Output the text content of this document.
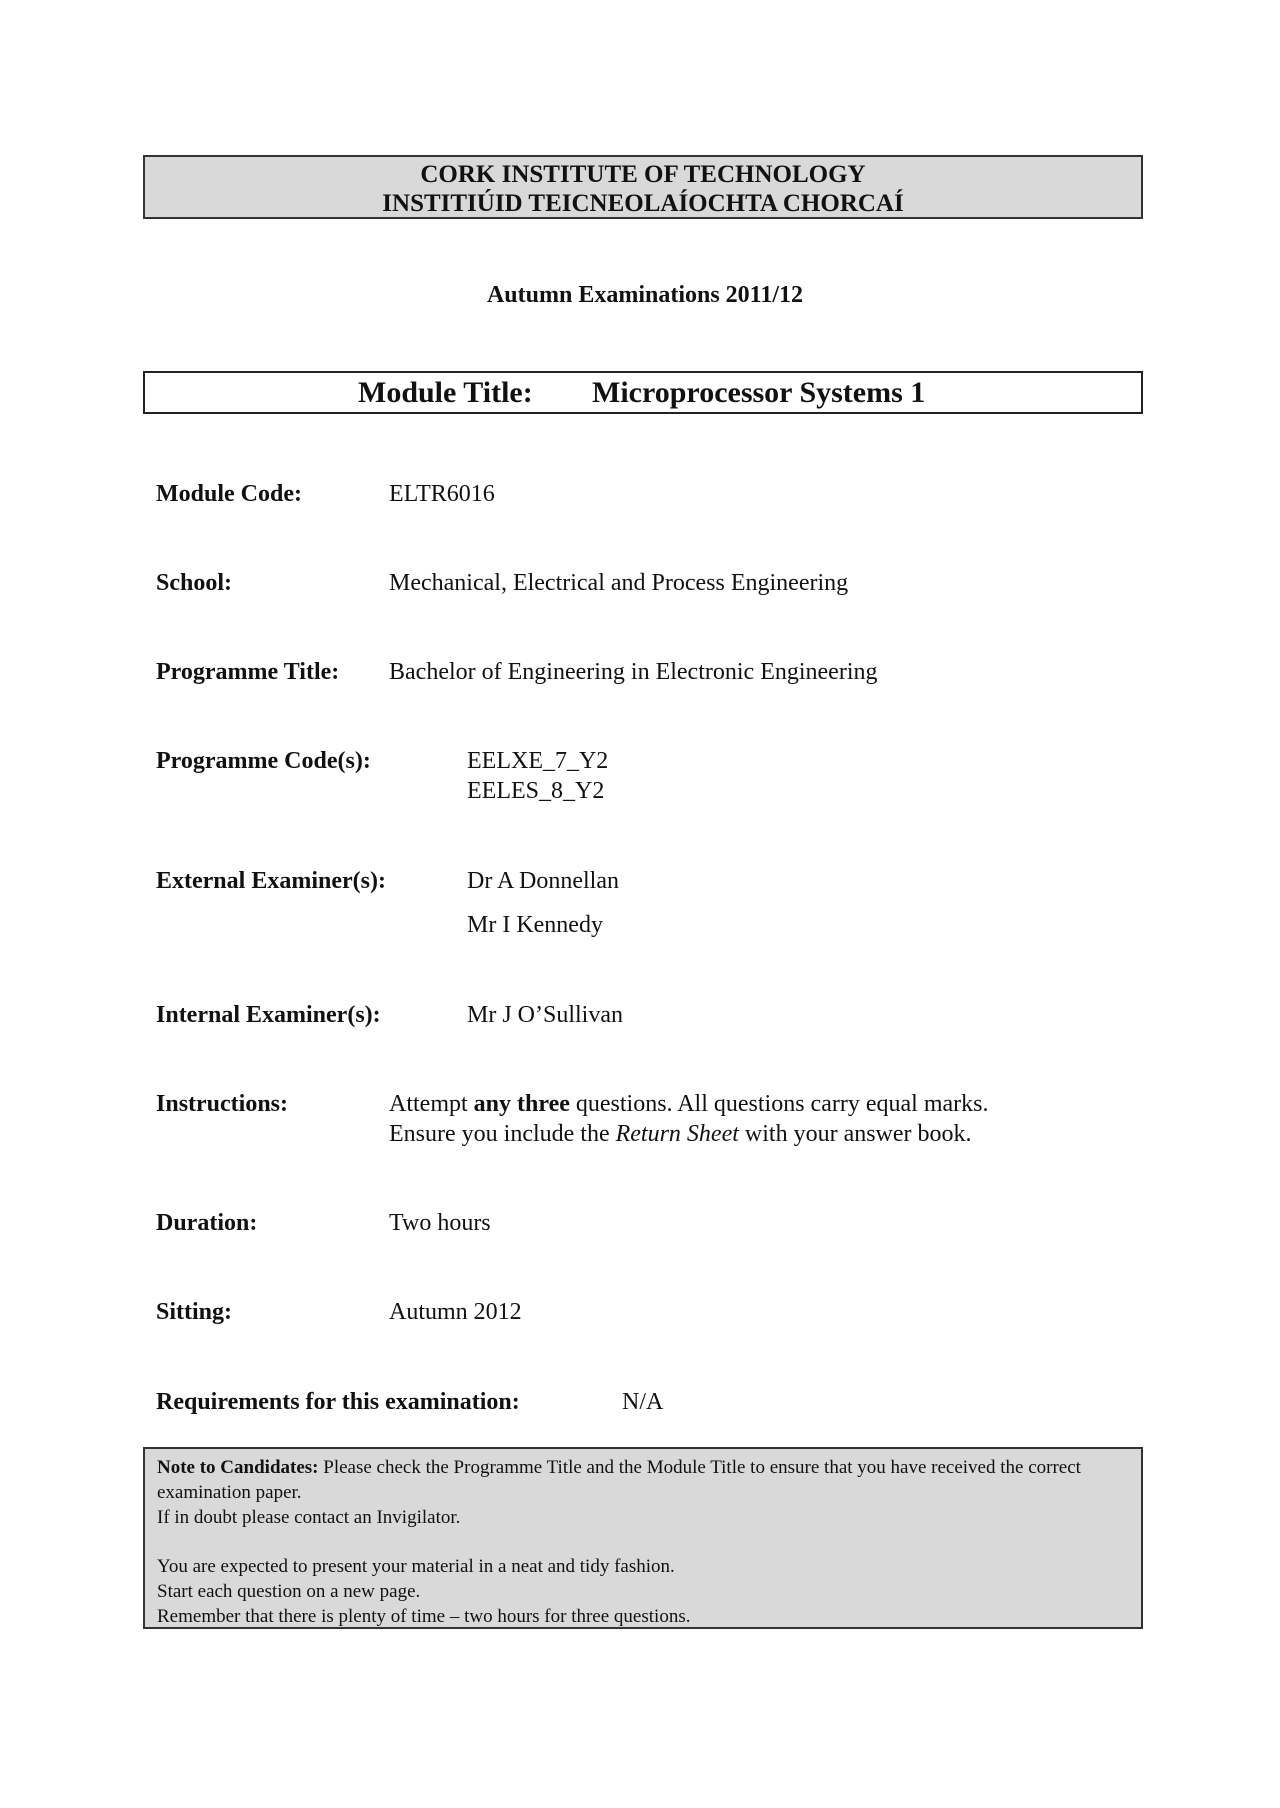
CORK INSTITUTE OF TECHNOLOGY
INSTITIÚID TEICNEOLAÍOCHTA CHORCAÍ
Autumn Examinations 2011/12
Module Title: Microprocessor Systems 1
Module Code:	ELTR6016
School:	Mechanical, Electrical and Process Engineering
Programme Title: Bachelor of Engineering in Electronic Engineering
Programme Code(s):	EELXE_7_Y2
EELES_8_Y2
External Examiner(s):	Dr A Donnellan
Mr I Kennedy
Internal Examiner(s):	Mr J O’Sullivan
Instructions:	Attempt any three questions. All questions carry equal marks.
Ensure you include the Return Sheet with your answer book.
Duration:	Two hours
Sitting:	Autumn 2012
Requirements for this examination:	N/A

Note to Candidates: Please check the Programme Title and the Module Title to ensure that you have received the correct examination paper.

If in doubt please contact an Invigilator.

You are expected to present your material in a neat and tidy fashion.

Start each question on a new page.

Remember that there is plenty of time – two hours for three questions.
